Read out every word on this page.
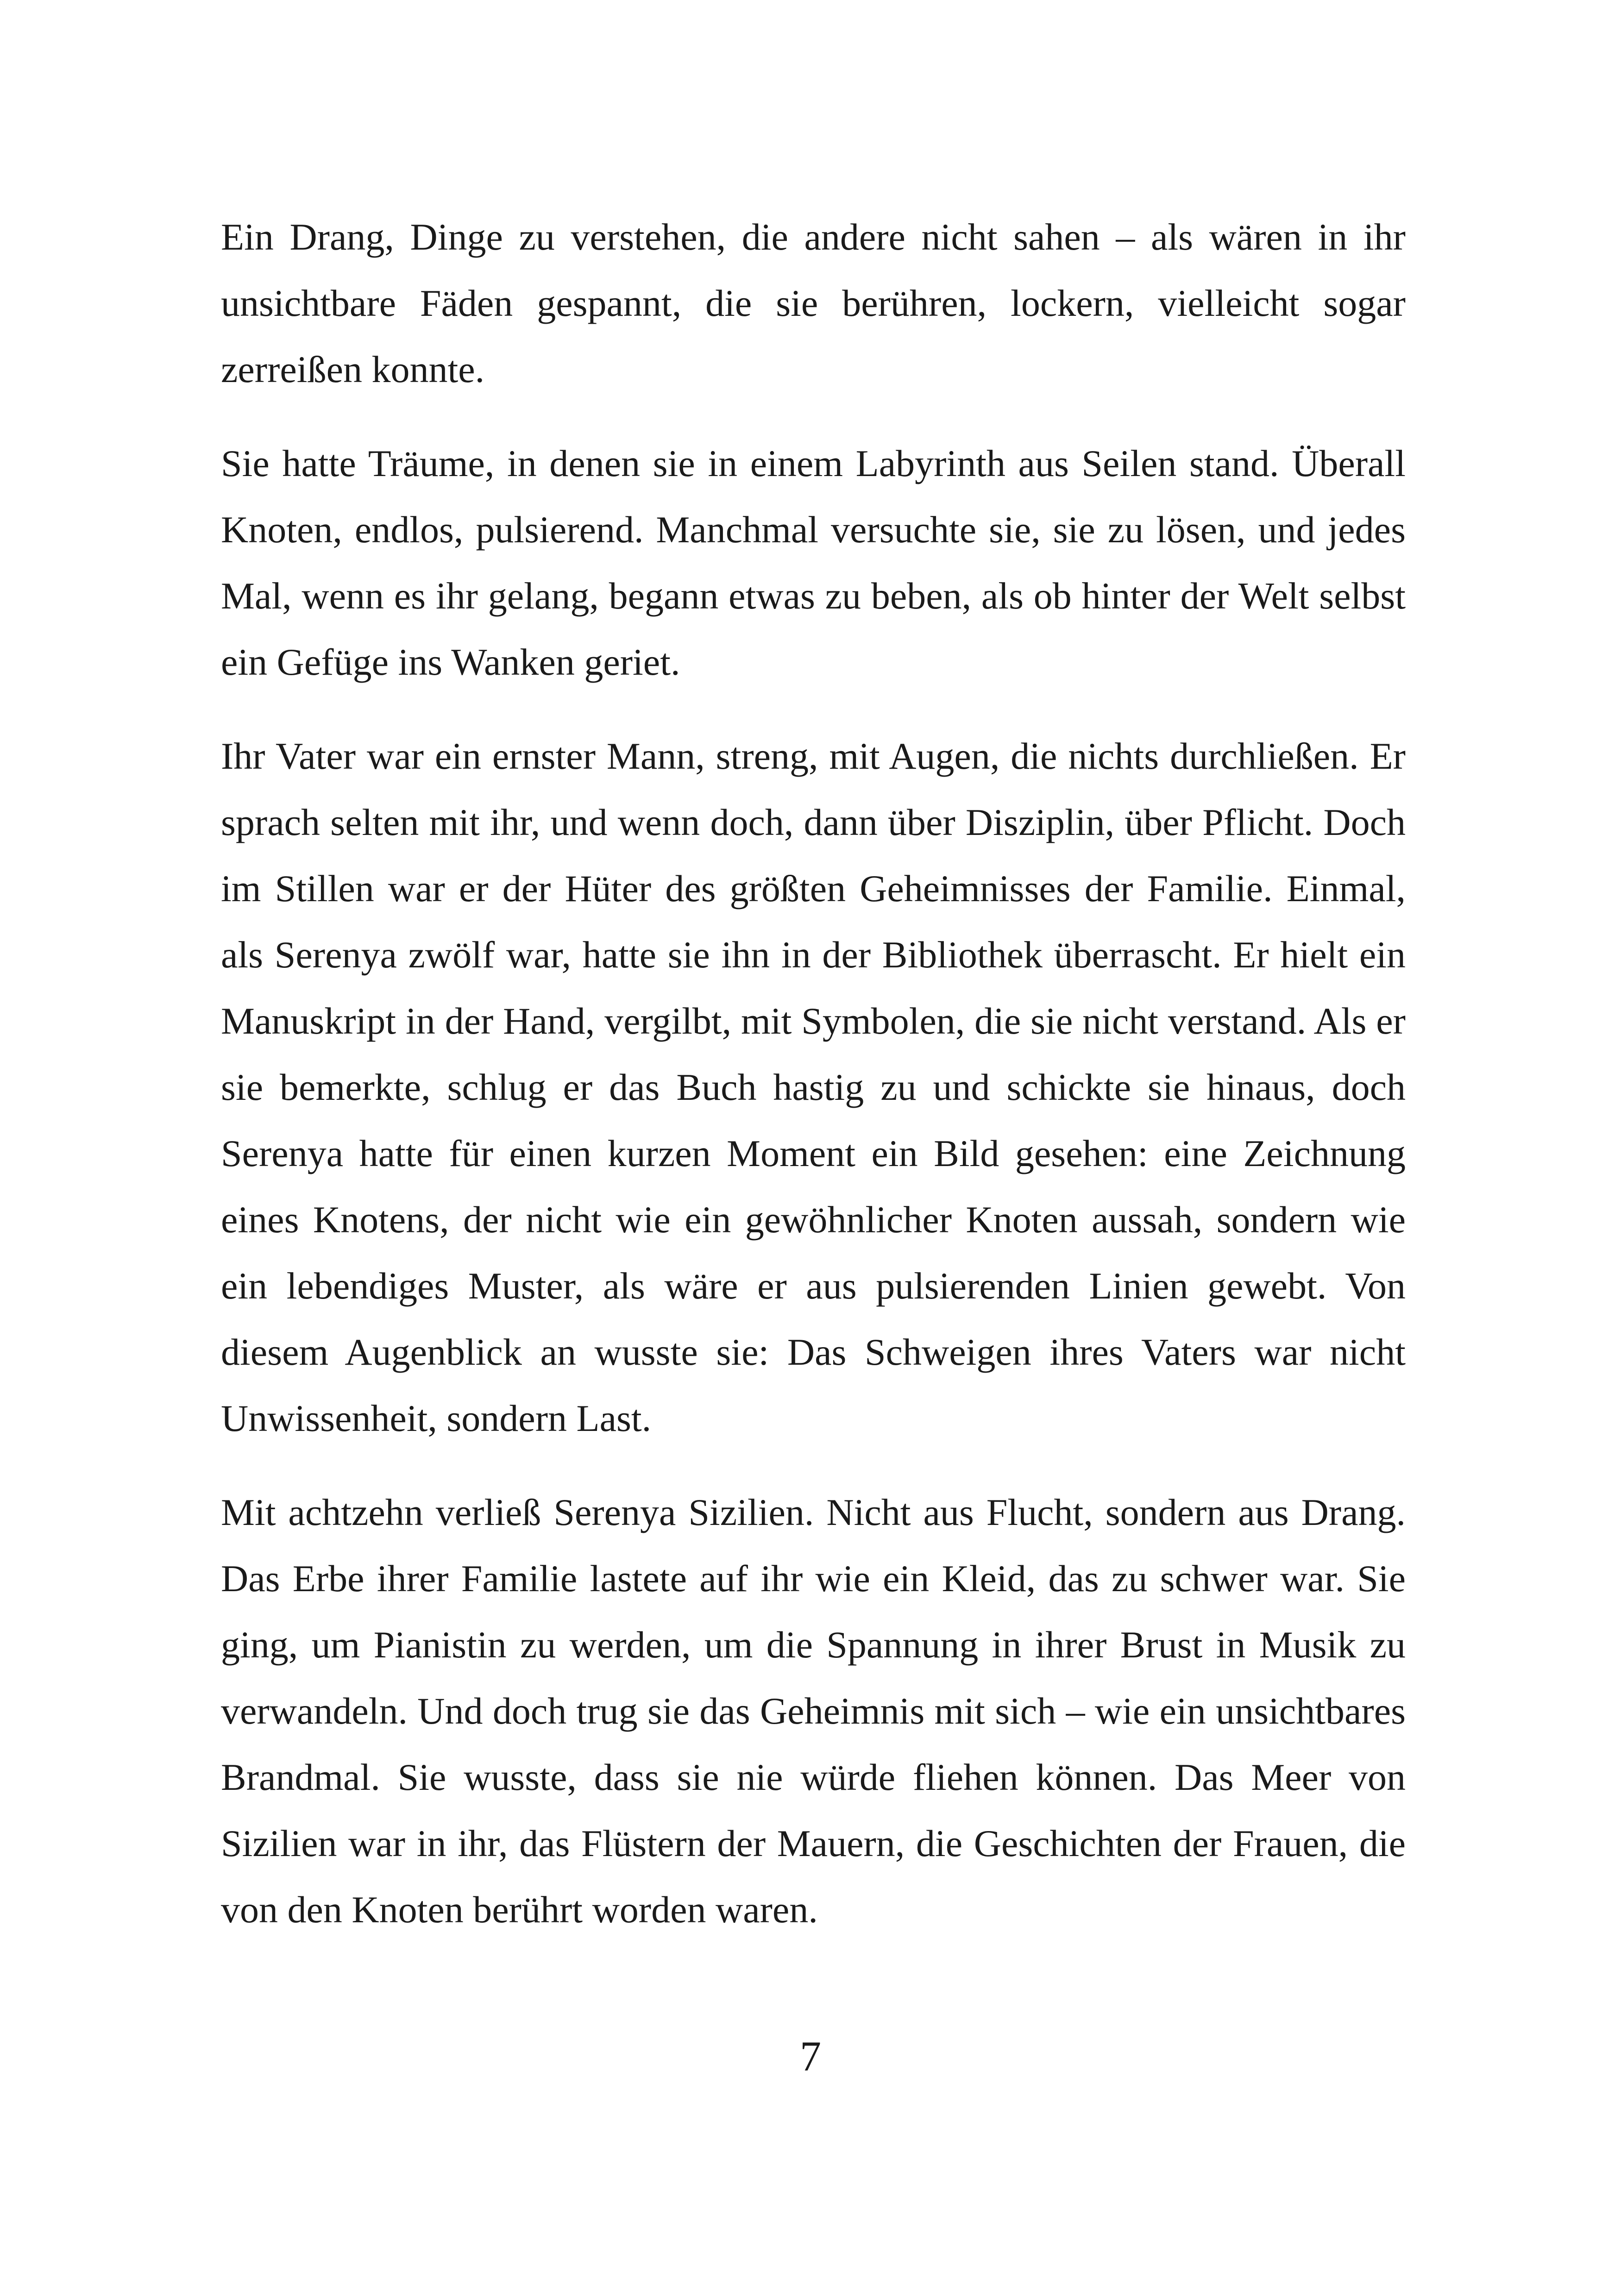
Ein Drang, Dinge zu verstehen, die andere nicht sahen – als wären in ihr unsichtbare Fäden gespannt, die sie berühren, lockern, vielleicht sogar zerreißen konnte.

Sie hatte Träume, in denen sie in einem Labyrinth aus Seilen stand. Überall Knoten, endlos, pulsierend. Manchmal versuchte sie, sie zu lösen, und jedes Mal, wenn es ihr gelang, begann etwas zu beben, als ob hinter der Welt selbst ein Gefüge ins Wanken geriet.

Ihr Vater war ein ernster Mann, streng, mit Augen, die nichts durchließen. Er sprach selten mit ihr, und wenn doch, dann über Disziplin, über Pflicht. Doch im Stillen war er der Hüter des größten Geheimnisses der Familie. Einmal, als Serenya zwölf war, hatte sie ihn in der Bibliothek überrascht. Er hielt ein Manuskript in der Hand, vergilbt, mit Symbolen, die sie nicht verstand. Als er sie bemerkte, schlug er das Buch hastig zu und schickte sie hinaus, doch Serenya hatte für einen kurzen Moment ein Bild gesehen: eine Zeichnung eines Knotens, der nicht wie ein gewöhnlicher Knoten aussah, sondern wie ein lebendiges Muster, als wäre er aus pulsierenden Linien gewebt. Von diesem Augenblick an wusste sie: Das Schweigen ihres Vaters war nicht Unwissenheit, sondern Last.

Mit achtzehn verließ Serenya Sizilien. Nicht aus Flucht, sondern aus Drang. Das Erbe ihrer Familie lastete auf ihr wie ein Kleid, das zu schwer war. Sie ging, um Pianistin zu werden, um die Spannung in ihrer Brust in Musik zu verwandeln. Und doch trug sie das Geheimnis mit sich – wie ein unsichtbares Brandmal. Sie wusste, dass sie nie würde fliehen können. Das Meer von Sizilien war in ihr, das Flüstern der Mauern, die Geschichten der Frauen, die von den Knoten berührt worden waren.

7
